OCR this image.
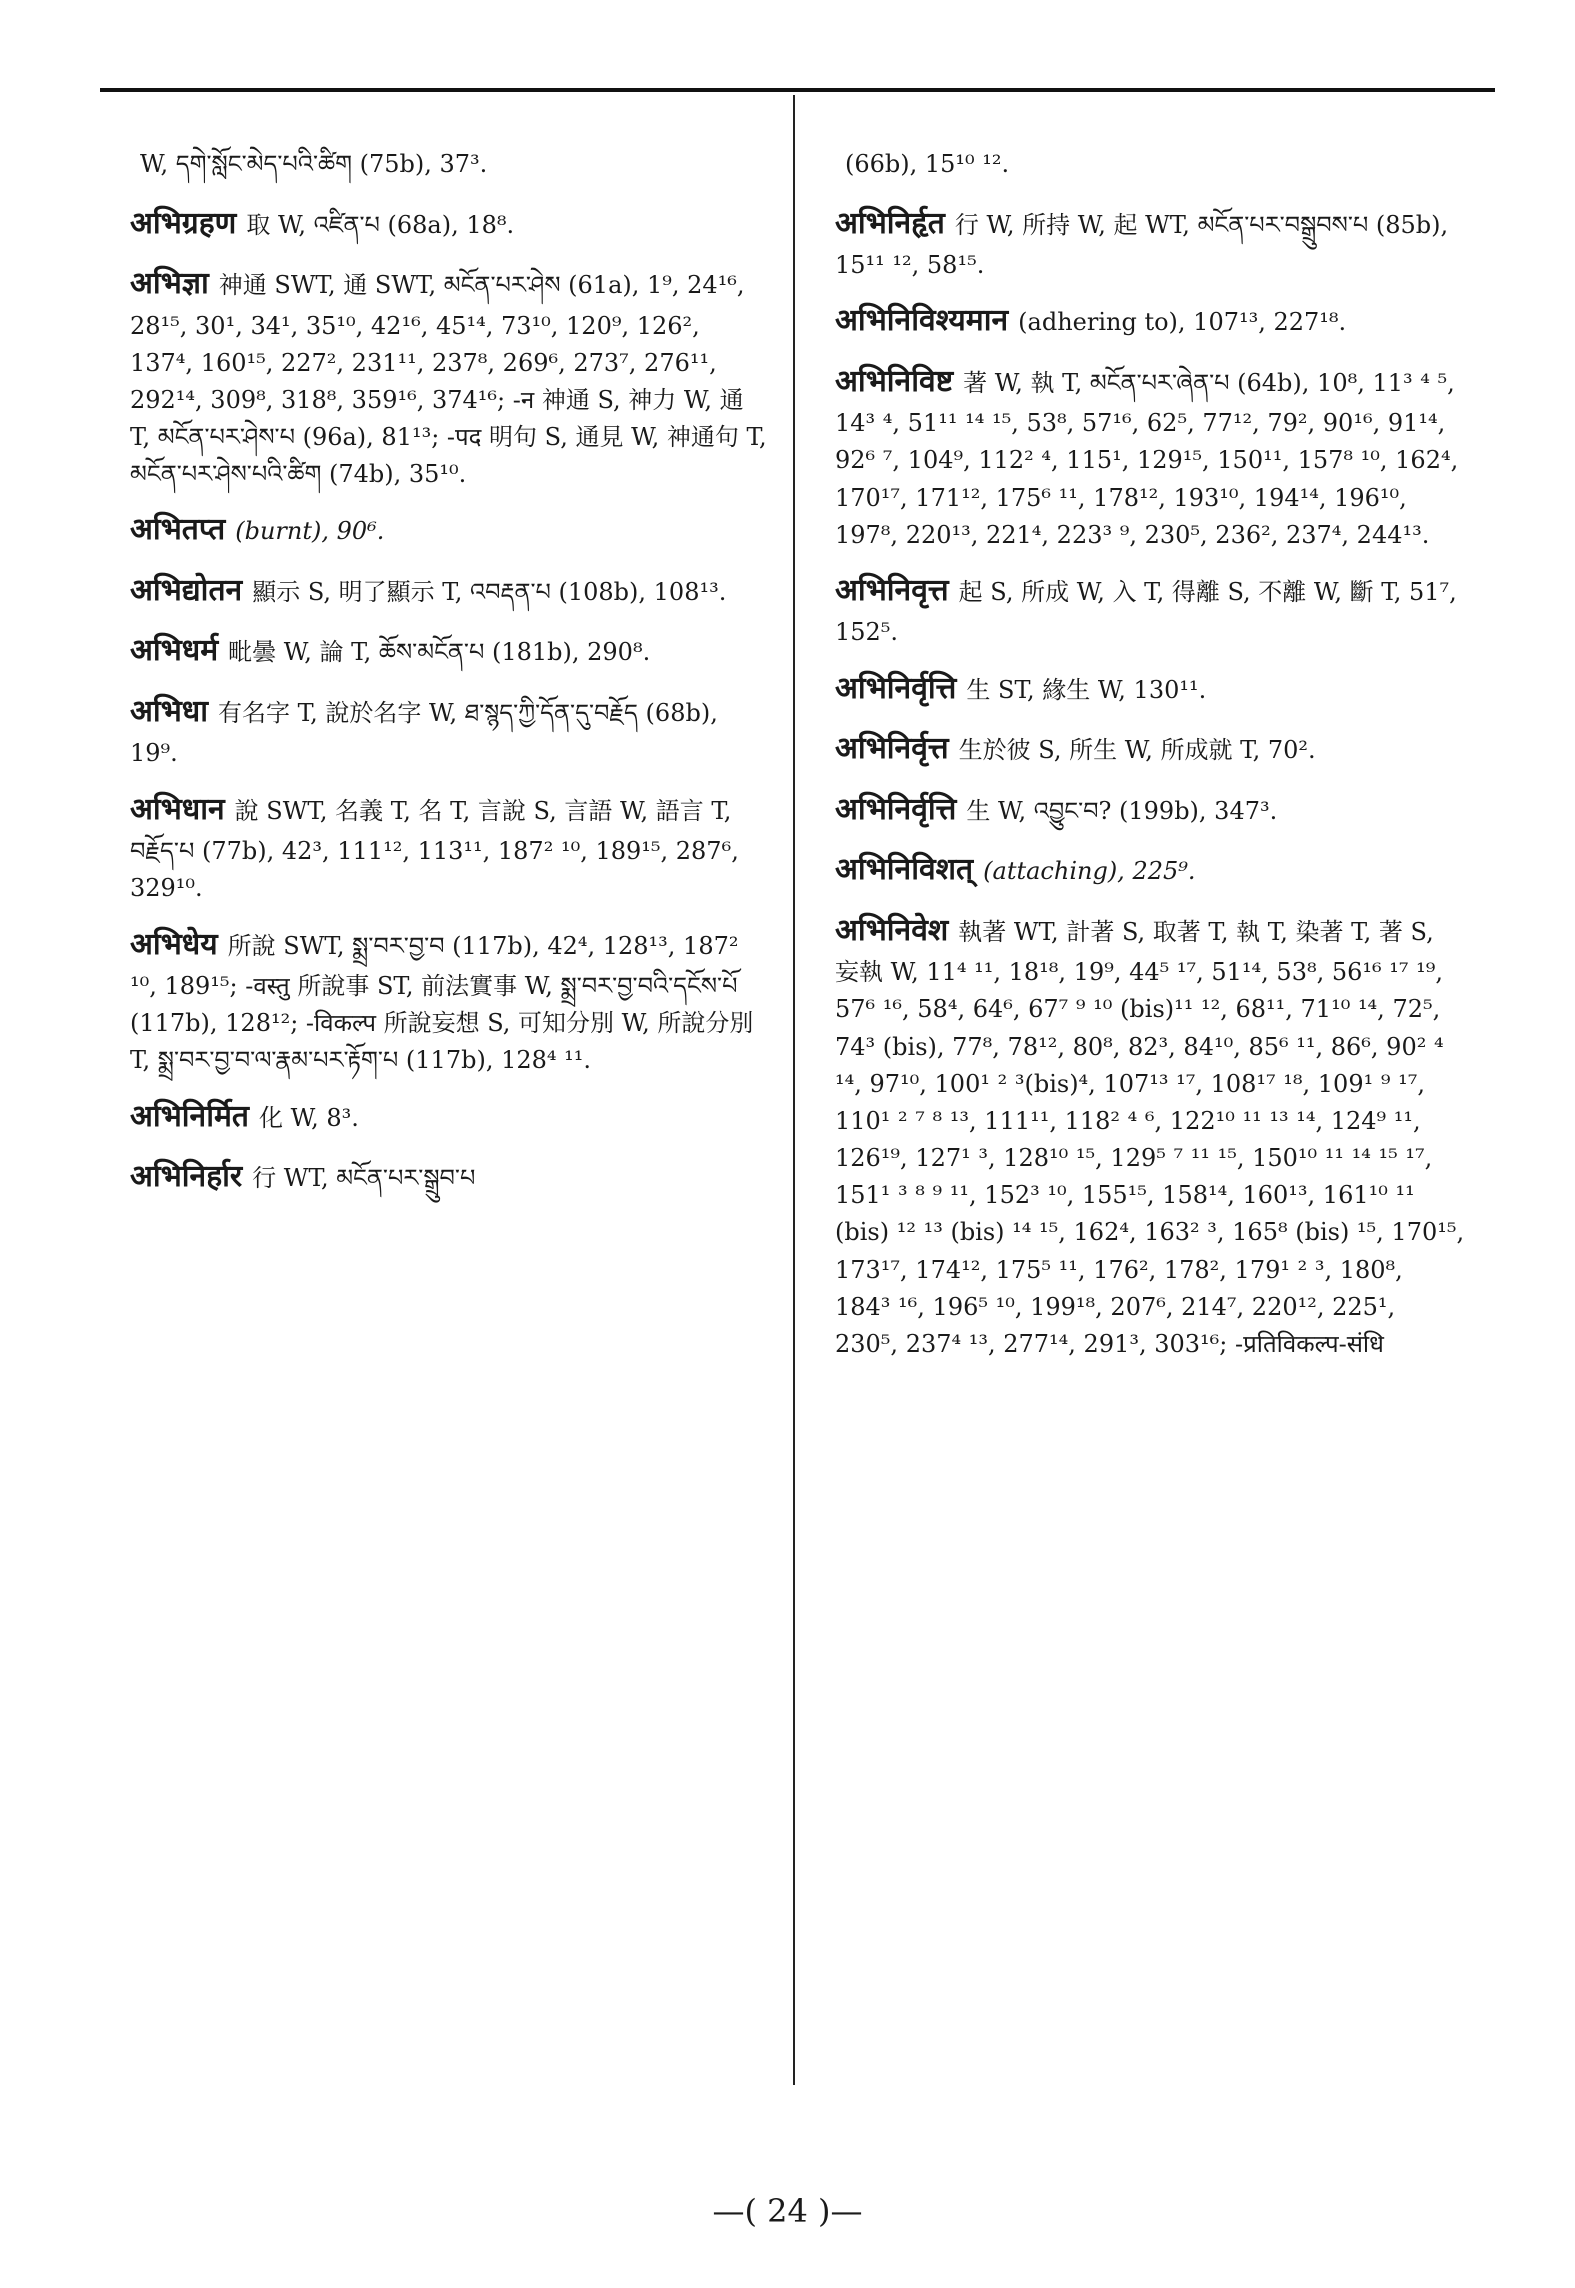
W, དགེ་སློང་མེད་པའི་ཚིག (75b), 37³.

अभिग्रहण 取 W, འཛིན་པ (68a), 18⁸.

अभिज्ञा 神通 SWT, 通 SWT, མངོན་པར་ཤེས (61a), 1⁹, 24¹⁶, 28¹⁵, 30¹, 34¹, 35¹⁰, 42¹⁶, 45¹⁴, 73¹⁰, 120⁹, 126², 137⁴, 160¹⁵, 227², 231¹¹, 237⁸, 269⁶, 273⁷, 276¹¹, 292¹⁴, 309⁸, 318⁸, 359¹⁶, 374¹⁶; -न 神通 S, 神力 W, 通 T, མངོན་པར་ཤེས་པ (96a), 81¹³; -पद 明句 S, 通見 W, 神通句 T, མངོན་པར་ཤེས་པའི་ཚིག (74b), 35¹⁰.

अभितप्त (burnt), 90⁶.

अभिद्योतन 顯示 S, 明了顯示 T, འབརྡན་པ (108b), 108¹³.

अभिधर्म 毗曇 W, 論 T, ཆོས་མངོན་པ (181b), 290⁸.

अभिधा 有名字 T, 說於名字 W, ཐ་སྙད་ཀྱི་དོན་དུ་བརྗོད (68b), 19⁹.

अभिधान 說 SWT, 名義 T, 名 T, 言說 S, 言語 W, 語言 T, བརྗོད་པ (77b), 42³, 111¹², 113¹¹, 187² ¹⁰, 189¹⁵, 287⁶, 329¹⁰.

अभिधेय 所說 SWT, སྨྲ་བར་བྱ་བ (117b), 42⁴, 128¹³, 187² ¹⁰, 189¹⁵; -वस्तु 所說事 ST, 前法實事 W, སྨྲ་བར་བྱ་བའི་དངོས་པོ (117b), 128¹²; -विकल्प 所說妄想 S, 可知分別 W, 所說分別 T, སྨྲ་བར་བྱ་བ་ལ་རྣམ་པར་རྟོག་པ (117b), 128⁴ ¹¹.

अभिनिर्मित 化 W, 8³.

अभिनिर्हार 行 WT, མངོན་པར་སྒྲུབ་པ

(66b), 15¹⁰ ¹².

अभिनिर्हृत 行 W, 所持 W, 起 WT, མངོན་པར་བསྒྲུབས་པ (85b), 15¹¹ ¹², 58¹⁵.

अभिनिविश्यमान (adhering to), 107¹³, 227¹⁸.

अभिनिविष्ट 著 W, 執 T, མངོན་པར་ཞེན་པ (64b), 10⁸, 11³ ⁴ ⁵, 14³ ⁴, 51¹¹ ¹⁴ ¹⁵, 53⁸, 57¹⁶, 62⁵, 77¹², 79², 90¹⁶, 91¹⁴, 92⁶ ⁷, 104⁹, 112² ⁴, 115¹, 129¹⁵, 150¹¹, 157⁸ ¹⁰, 162⁴, 170¹⁷, 171¹², 175⁶ ¹¹, 178¹², 193¹⁰, 194¹⁴, 196¹⁰, 197⁸, 220¹³, 221⁴, 223³ ⁹, 230⁵, 236², 237⁴, 244¹³.

अभिनिवृत्त 起 S, 所成 W, 入 T, 得離 S, 不離 W, 斷 T, 51⁷, 152⁵.

अभिनिर्वृत्ति 生 ST, 緣生 W, 130¹¹.

अभिनिर्वृत्त 生於彼 S, 所生 W, 所成就 T, 70².

अभिनिर्वृत्ति 生 W, འབྱུང་བ? (199b), 347³.

अभिनिविशत् (attaching), 225⁹.

अभिनिवेश 執著 WT, 計著 S, 取著 T, 執 T, 染著 T, 著 S, 妄執 W, 11⁴ ¹¹, 18¹⁸, 19⁹, 44⁵ ¹⁷, 51¹⁴, 53⁸, 56¹⁶ ¹⁷ ¹⁹, 57⁶ ¹⁶, 58⁴, 64⁶, 67⁷ ⁹ ¹⁰ (bis)¹¹ ¹², 68¹¹, 71¹⁰ ¹⁴, 72⁵, 74³ (bis), 77⁸, 78¹², 80⁸, 82³, 84¹⁰, 85⁶ ¹¹, 86⁶, 90² ⁴ ¹⁴, 97¹⁰, 100¹ ² ³(bis)⁴, 107¹³ ¹⁷, 108¹⁷ ¹⁸, 109¹ ⁹ ¹⁷, 110¹ ² ⁷ ⁸ ¹³, 111¹¹, 118² ⁴ ⁶, 122¹⁰ ¹¹ ¹³ ¹⁴, 124⁹ ¹¹, 126¹⁹, 127¹ ³, 128¹⁰ ¹⁵, 129⁵ ⁷ ¹¹ ¹⁵, 150¹⁰ ¹¹ ¹⁴ ¹⁵ ¹⁷, 151¹ ³ ⁸ ⁹ ¹¹, 152³ ¹⁰, 155¹⁵, 158¹⁴, 160¹³, 161¹⁰ ¹¹ (bis) ¹² ¹³ (bis) ¹⁴ ¹⁵, 162⁴, 163² ³, 165⁸ (bis) ¹⁵, 170¹⁵, 173¹⁷, 174¹², 175⁵ ¹¹, 176², 178², 179¹ ² ³, 180⁸, 184³ ¹⁶, 196⁵ ¹⁰, 199¹⁸, 207⁶, 214⁷, 220¹², 225¹, 230⁵, 237⁴ ¹³, 277¹⁴, 291³, 303¹⁶; -प्रतिविकल्प-संधि

—( 24 )—
